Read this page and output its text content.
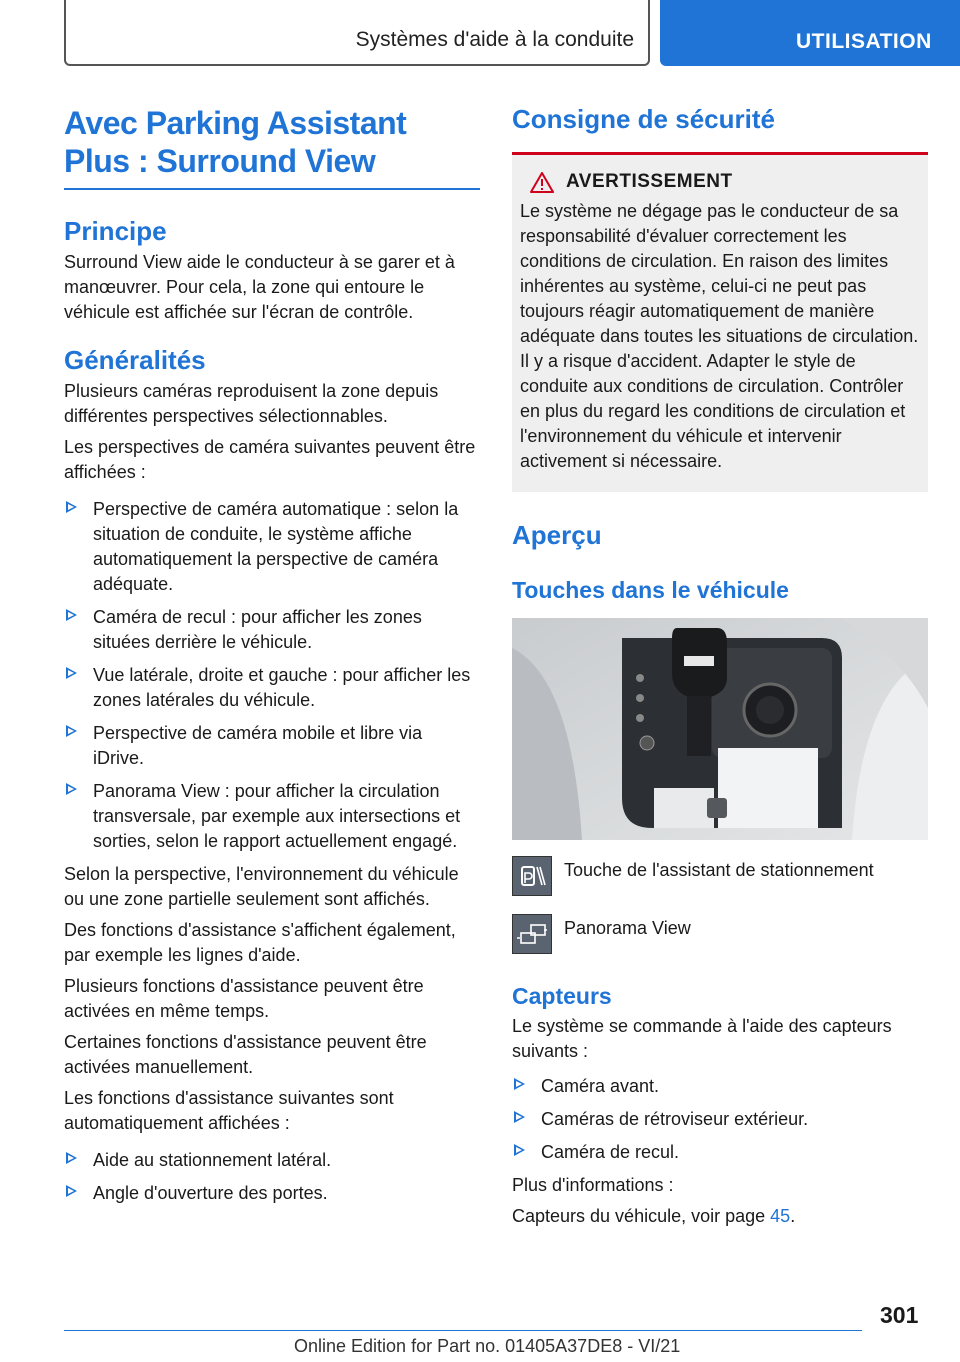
Systèmes d'aide à la conduite	UTILISATION
Avec Parking Assistant
Plus : Surround View
Principe

Surround View aide le conducteur à se garer et à manœuvrer. Pour cela, la zone qui entoure le véhicule est affichée sur l'écran de contrôle.

Généralités

Plusieurs caméras reproduisent la zone depuis différentes perspectives sélectionnables.

Les perspectives de caméra suivantes peuvent être affichées :

Perspective de caméra automatique : selon la situation de conduite, le système affiche automatiquement la perspective de caméra adéquate.
Caméra de recul : pour afficher les zones situées derrière le véhicule.
Vue latérale, droite et gauche : pour afficher les zones latérales du véhicule.
Perspective de caméra mobile et libre via iDrive.
Panorama View : pour afficher la circulation transversale, par exemple aux intersections et sorties, selon le rapport actuellement engagé.

Selon la perspective, l'environnement du véhicule ou une zone partielle seulement sont affichés.

Des fonctions d'assistance s'affichent également, par exemple les lignes d'aide.

Plusieurs fonctions d'assistance peuvent être activées en même temps.

Certaines fonctions d'assistance peuvent être activées manuellement.

Les fonctions d'assistance suivantes sont automatiquement affichées :

Aide au stationnement latéral.
Angle d'ouverture des portes.
Consigne de sécurité
AVERTISSEMENT

Le système ne dégage pas le conducteur de sa responsabilité d'évaluer correctement les conditions de circulation. En raison des limites inhérentes au système, celui-ci ne peut pas toujours réagir automatiquement de manière adéquate dans toutes les situations de circulation. Il y a risque d'accident. Adapter le style de conduite aux conditions de circulation. Contrôler en plus du regard les conditions de circulation et l'environnement du véhicule et intervenir activement si nécessaire.

Aperçu
Touches dans le véhicule
Touche de l'assistant de stationnement
Panorama View
Capteurs

Le système se commande à l'aide des capteurs suivants :

Caméra avant.
Caméras de rétroviseur extérieur.
Caméra de recul.

Plus d'informations :

Capteurs du véhicule, voir page 45.

301
Online Edition for Part no. 01405A37DE8 - VI/21
